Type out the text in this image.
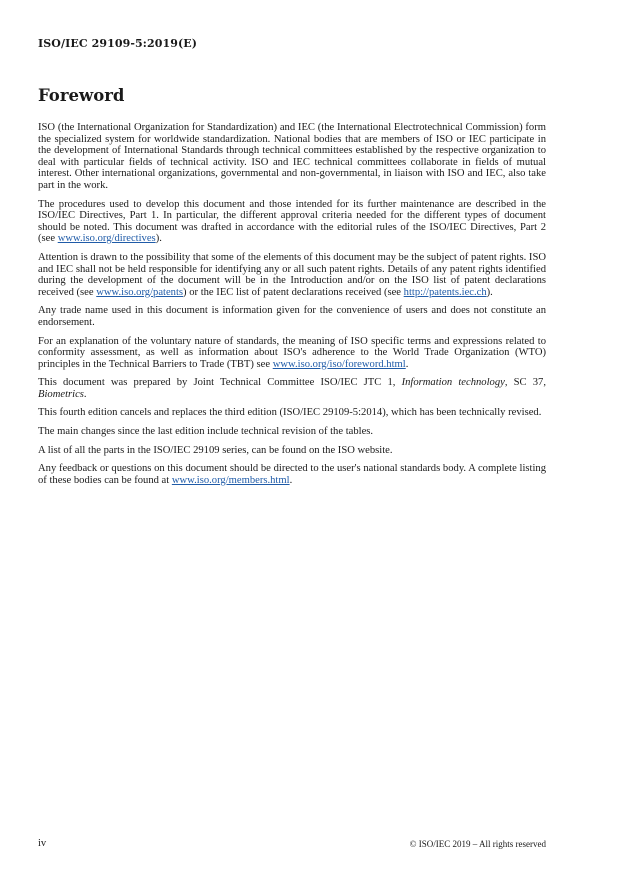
ISO/IEC 29109-5:2019(E)
Foreword

ISO (the International Organization for Standardization) and IEC (the International Electrotechnical Commission) form the specialized system for worldwide standardization. National bodies that are members of ISO or IEC participate in the development of International Standards through technical committees established by the respective organization to deal with particular fields of technical activity. ISO and IEC technical committees collaborate in fields of mutual interest. Other international organizations, governmental and non-governmental, in liaison with ISO and IEC, also take part in the work.

The procedures used to develop this document and those intended for its further maintenance are described in the ISO/IEC Directives, Part 1. In particular, the different approval criteria needed for the different types of document should be noted. This document was drafted in accordance with the editorial rules of the ISO/IEC Directives, Part 2 (see www.iso.org/directives).

Attention is drawn to the possibility that some of the elements of this document may be the subject of patent rights. ISO and IEC shall not be held responsible for identifying any or all such patent rights. Details of any patent rights identified during the development of the document will be in the Introduction and/or on the ISO list of patent declarations received (see www.iso.org/patents) or the IEC list of patent declarations received (see http://patents.iec.ch).

Any trade name used in this document is information given for the convenience of users and does not constitute an endorsement.

For an explanation of the voluntary nature of standards, the meaning of ISO specific terms and expressions related to conformity assessment, as well as information about ISO's adherence to the World Trade Organization (WTO) principles in the Technical Barriers to Trade (TBT) see www.iso.org/iso/foreword.html.

This document was prepared by Joint Technical Committee ISO/IEC JTC 1, Information technology, SC 37, Biometrics.

This fourth edition cancels and replaces the third edition (ISO/IEC 29109-5:2014), which has been technically revised.

The main changes since the last edition include technical revision of the tables.

A list of all the parts in the ISO/IEC 29109 series, can be found on the ISO website.

Any feedback or questions on this document should be directed to the user's national standards body. A complete listing of these bodies can be found at www.iso.org/members.html.

iv	© ISO/IEC 2019 – All rights reserved
